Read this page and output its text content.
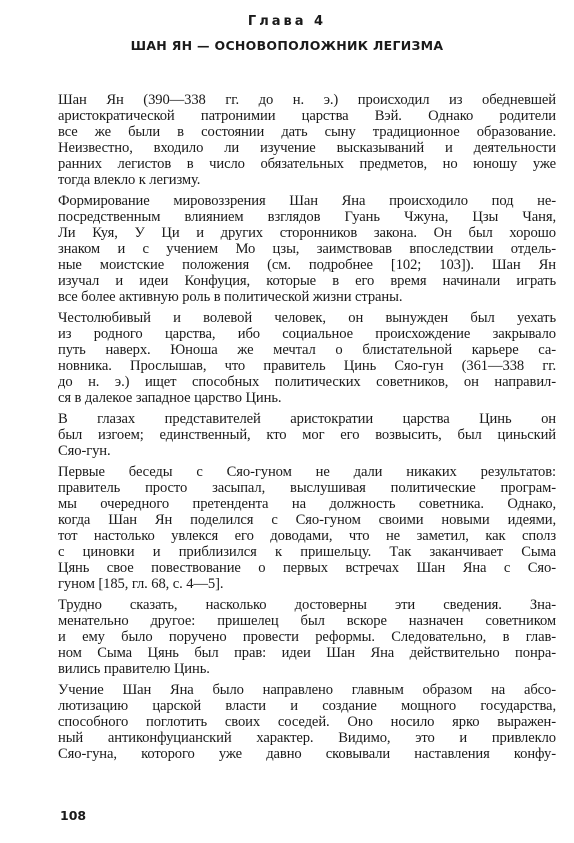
Глава 4
ШАН ЯН — ОСНОВОПОЛОЖНИК ЛЕГИЗМА
Шан Ян (390—338 гг. до н. э.) происходил из обедневшей
аристократической патронимии царства Вэй. Однако родители
все же были в состоянии дать сыну традиционное образование.
Неизвестно, входило ли изучение высказываний и деятельности
ранних легистов в число обязательных предметов, но юношу уже
тогда влекло к легизму.
Формирование мировоззрения Шан Яна происходило под не-
посредственным влиянием взглядов Гуань Чжуна, Цзы Чаня,
Ли Куя, У Ци и других сторонников закона. Он был хорошо
знаком и с учением Мо цзы, заимствовав впоследствии отдель-
ные моистские положения (см. подробнее [102; 103]). Шан Ян
изучал и идеи Конфуция, которые в его время начинали играть
все более активную роль в политической жизни страны.
Честолюбивый и волевой человек, он вынужден был уехать
из родного царства, ибо социальное происхождение закрывало
путь наверх. Юноша же мечтал о блистательной карьере са-
новника. Прослышав, что правитель Цинь Сяо-гун (361—338 гг.
до н. э.) ищет способных политических советников, он направил-
ся в далекое западное царство Цинь.
В глазах представителей аристократии царства Цинь он
был изгоем; единственный, кто мог его возвысить, был циньский
Сяо-гун.
Первые беседы с Сяо-гуном не дали никаких результатов:
правитель просто засыпал, выслушивая политические програм-
мы очередного претендента на должность советника. Однако,
когда Шан Ян поделился с Сяо-гуном своими новыми идеями,
тот настолько увлекся его доводами, что не заметил, как сполз
с циновки и приблизился к пришельцу. Так заканчивает Сыма
Цянь свое повествование о первых встречах Шан Яна с Сяо-
гуном [185, гл. 68, с. 4—5].
Трудно сказать, насколько достоверны эти сведения. Зна-
менательно другое: пришелец был вскоре назначен советником
и ему было поручено провести реформы. Следовательно, в глав-
ном Сыма Цянь был прав: идеи Шан Яна действительно понра-
вились правителю Цинь.
Учение Шан Яна было направлено главным образом на абсо-
лютизацию царской власти и создание мощного государства,
способного поглотить своих соседей. Оно носило ярко выражен-
ный антиконфуцианский характер. Видимо, это и привлекло
Сяо-гуна, которого уже давно сковывали наставления конфу-
108
